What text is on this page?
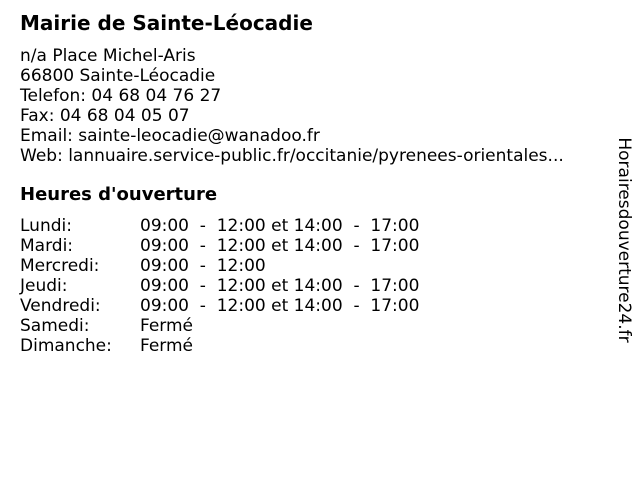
Mairie de Sainte-Léocadie
n/a Place Michel-Aris
66800 Sainte-Léocadie
Telefon: 04 68 04 76 27
Fax: 04 68 04 05 07
Email: sainte-leocadie@wanadoo.fr
Web: lannuaire.service-public.fr/occitanie/pyrenees-orientales...
Heures d'ouverture
Lundi:	09:00  -  12:00 et 14:00  -  17:00
Mardi:	09:00  -  12:00 et 14:00  -  17:00
Mercredi:	09:00  -  12:00
Jeudi:	09:00  -  12:00 et 14:00  -  17:00
Vendredi:	09:00  -  12:00 et 14:00  -  17:00
Samedi:	Fermé
Dimanche:	Fermé
Horairesdouverture24.fr
